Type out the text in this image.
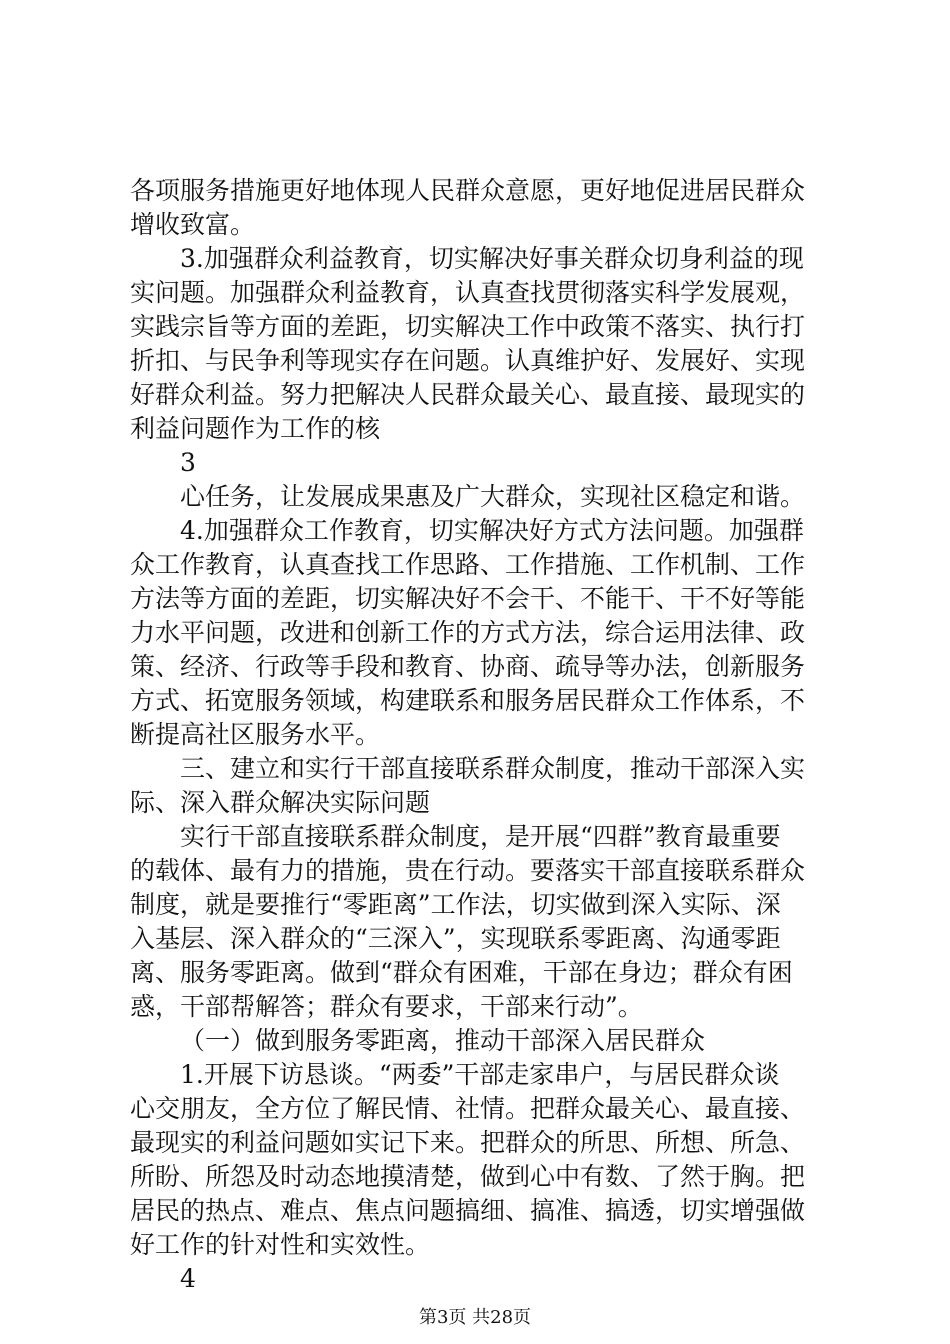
各项服务措施更好地体现人民群众意愿，更好地促进居民群众
增收致富。
3.加强群众利益教育，切实解决好事关群众切身利益的现
实问题。加强群众利益教育，认真查找贯彻落实科学发展观，
实践宗旨等方面的差距，切实解决工作中政策不落实、执行打
折扣、与民争利等现实存在问题。认真维护好、发展好、实现
好群众利益。努力把解决人民群众最关心、最直接、最现实的
利益问题作为工作的核
3
心任务，让发展成果惠及广大群众，实现社区稳定和谐。
4.加强群众工作教育，切实解决好方式方法问题。加强群
众工作教育，认真查找工作思路、工作措施、工作机制、工作
方法等方面的差距，切实解决好不会干、不能干、干不好等能
力水平问题，改进和创新工作的方式方法，综合运用法律、政
策、经济、行政等手段和教育、协商、疏导等办法，创新服务
方式、拓宽服务领域，构建联系和服务居民群众工作体系，不
断提高社区服务水平。
三、建立和实行干部直接联系群众制度，推动干部深入实
际、深入群众解决实际问题
实行干部直接联系群众制度，是开展“四群”教育最重要
的载体、最有力的措施，贵在行动。要落实干部直接联系群众
制度，就是要推行“零距离”工作法，切实做到深入实际、深
入基层、深入群众的“三深入”，实现联系零距离、沟通零距
离、服务零距离。做到“群众有困难，干部在身边；群众有困
惑，干部帮解答；群众有要求，干部来行动”。
（一）做到服务零距离，推动干部深入居民群众
1.开展下访恳谈。“两委”干部走家串户，与居民群众谈
心交朋友，全方位了解民情、社情。把群众最关心、最直接、
最现实的利益问题如实记下来。把群众的所思、所想、所急、
所盼、所怨及时动态地摸清楚，做到心中有数、了然于胸。把
居民的热点、难点、焦点问题搞细、搞准、搞透，切实增强做
好工作的针对性和实效性。
4
第3页 共28页
